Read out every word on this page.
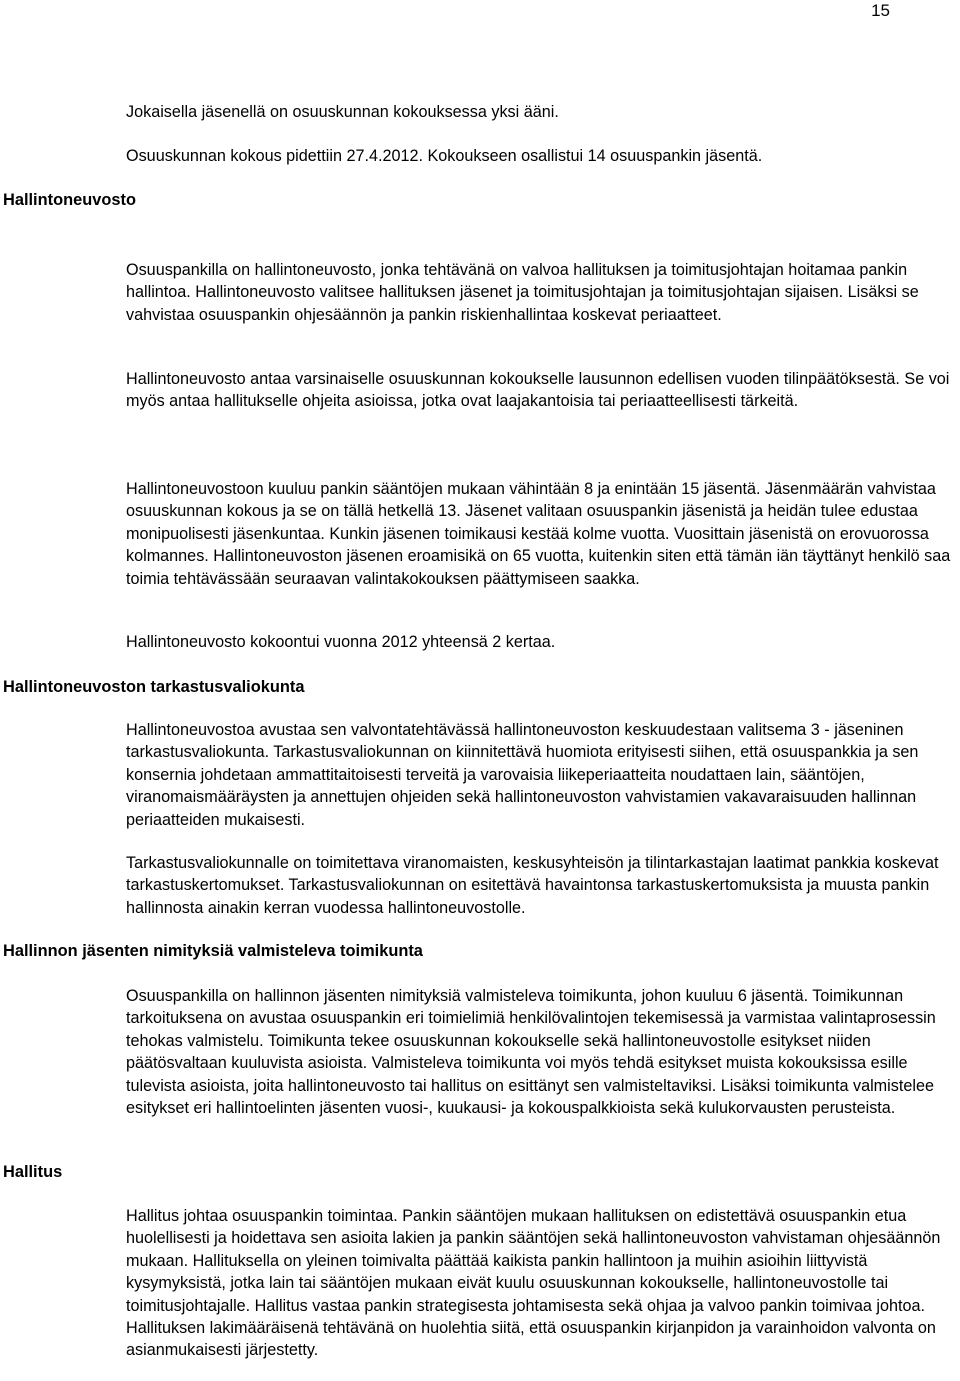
15

Jokaisella jäsenellä on osuuskunnan kokouksessa yksi ääni.

Osuuskunnan kokous pidettiin 27.4.2012. Kokoukseen osallistui 14 osuuspankin jäsentä.

Hallintoneuvosto

Osuuspankilla on hallintoneuvosto, jonka tehtävänä on valvoa hallituksen ja toimitusjohtajan hoitamaa pankin hallintoa. Hallintoneuvosto valitsee hallituksen jäsenet ja toimitusjohtajan ja toimitusjohtajan sijaisen. Lisäksi se vahvistaa osuuspankin ohjesäännön ja pankin riskienhallintaa koskevat periaatteet.

Hallintoneuvosto antaa varsinaiselle osuuskunnan kokoukselle lausunnon edellisen vuoden tilinpäätöksestä. Se voi myös antaa hallitukselle ohjeita asioissa, jotka ovat laajakantoisia tai periaatteellisesti tärkeitä.

Hallintoneuvostoon kuuluu pankin sääntöjen mukaan vähintään 8 ja enintään 15 jäsentä. Jäsenmäärän vahvistaa osuuskunnan kokous ja se on tällä hetkellä 13. Jäsenet valitaan osuuspankin jäsenistä ja heidän tulee edustaa monipuolisesti jäsenkuntaa. Kunkin jäsenen toimikausi kestää kolme vuotta. Vuosittain jäsenistä on erovuorossa kolmannes. Hallintoneuvoston jäsenen eroamisikä on 65 vuotta, kuitenkin siten että tämän iän täyttänyt henkilö saa toimia tehtävässään seuraavan valintakokouksen päättymiseen saakka.

Hallintoneuvosto kokoontui vuonna 2012 yhteensä 2 kertaa.

Hallintoneuvoston tarkastusvaliokunta

Hallintoneuvostoa avustaa sen valvontatehtävässä hallintoneuvoston keskuudestaan valitsema 3 - jäseninen tarkastusvaliokunta. Tarkastusvaliokunnan on kiinnitettävä huomiota erityisesti siihen, että osuuspankkia ja sen konsernia johdetaan ammattitaitoisesti terveitä ja varovaisia liikeperiaatteita noudattaen lain, sääntöjen, viranomaismääräysten ja annettujen ohjeiden sekä hallintoneuvoston vahvistamien vakavaraisuuden hallinnan periaatteiden mukaisesti.

Tarkastusvaliokunnalle on toimitettava viranomaisten, keskusyhteisön ja tilintarkastajan laatimat pankkia koskevat tarkastuskertomukset. Tarkastusvaliokunnan on esitettävä havaintonsa tarkastuskertomuksista ja muusta pankin hallinnosta ainakin kerran vuodessa hallintoneuvostolle.

Hallinnon jäsenten nimityksiä valmisteleva toimikunta

Osuuspankilla on hallinnon jäsenten nimityksiä valmisteleva toimikunta, johon kuuluu 6 jäsentä. Toimikunnan tarkoituksena on avustaa osuuspankin eri toimielimiä henkilövalintojen tekemisessä ja varmistaa valintaprosessin tehokas valmistelu. Toimikunta tekee osuuskunnan kokoukselle sekä hallintoneuvostolle esitykset niiden päätösvaltaan kuuluvista asioista. Valmisteleva toimikunta voi myös tehdä esitykset muista kokouksissa esille tulevista asioista, joita hallintoneuvosto tai hallitus on esittänyt sen valmisteltaviksi. Lisäksi toimikunta valmistelee esitykset eri hallintoelinten jäsenten vuosi-, kuukausi- ja kokouspalkkioista sekä kulukorvausten perusteista.

Hallitus

Hallitus johtaa osuuspankin toimintaa. Pankin sääntöjen mukaan hallituksen on edistettävä osuuspankin etua huolellisesti ja hoidettava sen asioita lakien ja pankin sääntöjen sekä hallintoneuvoston vahvistaman ohjesäännön mukaan. Hallituksella on yleinen toimivalta päättää kaikista pankin hallintoon ja muihin asioihin liittyvistä kysymyksistä, jotka lain tai sääntöjen mukaan eivät kuulu osuuskunnan kokoukselle, hallintoneuvostolle tai toimitusjohtajalle. Hallitus vastaa pankin strategisesta johtamisesta sekä ohjaa ja valvoo pankin toimivaa johtoa. Hallituksen lakimääräisenä tehtävänä on huolehtia siitä, että osuuspankin kirjanpidon ja varainhoidon valvonta on asianmukaisesti järjestetty.
